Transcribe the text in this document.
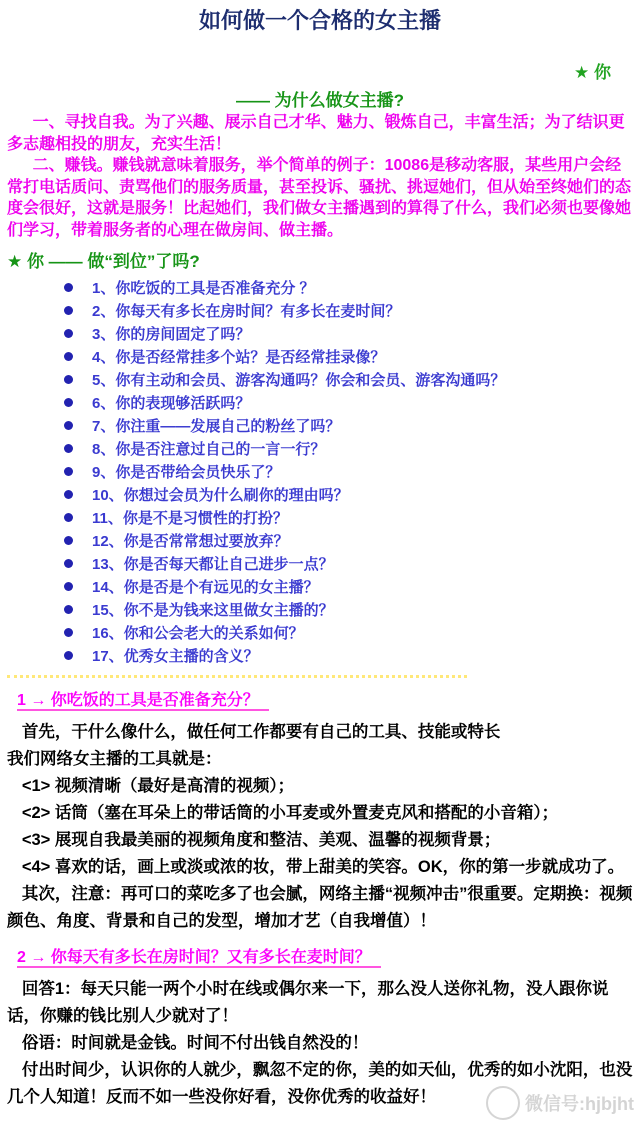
如何做一个合格的女主播
★ 你
—— 为什么做女主播?

一、寻找自我。为了兴趣、展示自己才华、魅力、锻炼自己，丰富生活；为了结识更多志趣相投的朋友，充实生活！

二、赚钱。赚钱就意味着服务，举个简单的例子：10086是移动客服，某些用户会经常打电话质问、责骂他们的服务质量，甚至投诉、骚扰、挑逗她们，但从始至终她们的态度会很好，这就是服务！比起她们，我们做女主播遇到的算得了什么，我们必须也要像她们学习，带着服务者的心理在做房间、做主播。

★ 你 —— 做“到位”了吗?
1、你吃饭的工具是否准备充分 ？
2、你每天有多长在房时间？有多长在麦时间？
3、你的房间固定了吗？
4、你是否经常挂多个站？是否经常挂录像？
5、你有主动和会员、游客沟通吗？你会和会员、游客沟通吗？
6、你的表现够活跃吗？
7、你注重——发展自己的粉丝了吗？
8、你是否注意过自己的一言一行？
9、你是否带给会员快乐了？
10、你想过会员为什么刷你的理由吗？
11、你是不是习惯性的打扮？
12、你是否常常想过要放弃？
13、你是否每天都让自己进步一点？
14、你是否是个有远见的女主播？
15、你不是为钱来这里做女主播的？
16、你和公会老大的关系如何？
17、优秀女主播的含义？
1 → 你吃饭的工具是否准备充分？

首先，干什么像什么，做任何工作都要有自己的工具、技能或特长

我们网络女主播的工具就是：

<1> 视频清晰（最好是高清的视频）；

<2> 话筒（塞在耳朵上的带话筒的小耳麦或外置麦克风和搭配的小音箱）；

<3> 展现自我最美丽的视频角度和整洁、美观、温馨的视频背景；

<4> 喜欢的话，画上或淡或浓的妆，带上甜美的笑容。OK，你的第一步就成功了。

其次，注意：再可口的菜吃多了也会腻，网络主播“视频冲击”很重要。定期换：视频颜色、角度、背景和自己的发型，增加才艺（自我增值）！

2 → 你每天有多长在房时间？又有多长在麦时间？

回答1：每天只能一两个小时在线或偶尔来一下，那么没人送你礼物，没人跟你说话，你赚的钱比别人少就对了！

俗语：时间就是金钱。时间不付出钱自然没的！

付出时间少，认识你的人就少，飘忽不定的你，美的如天仙，优秀的如小沈阳，也没几个人知道！反而不如一些没你好看，没你优秀的收益好！	微信号:hjbjht
